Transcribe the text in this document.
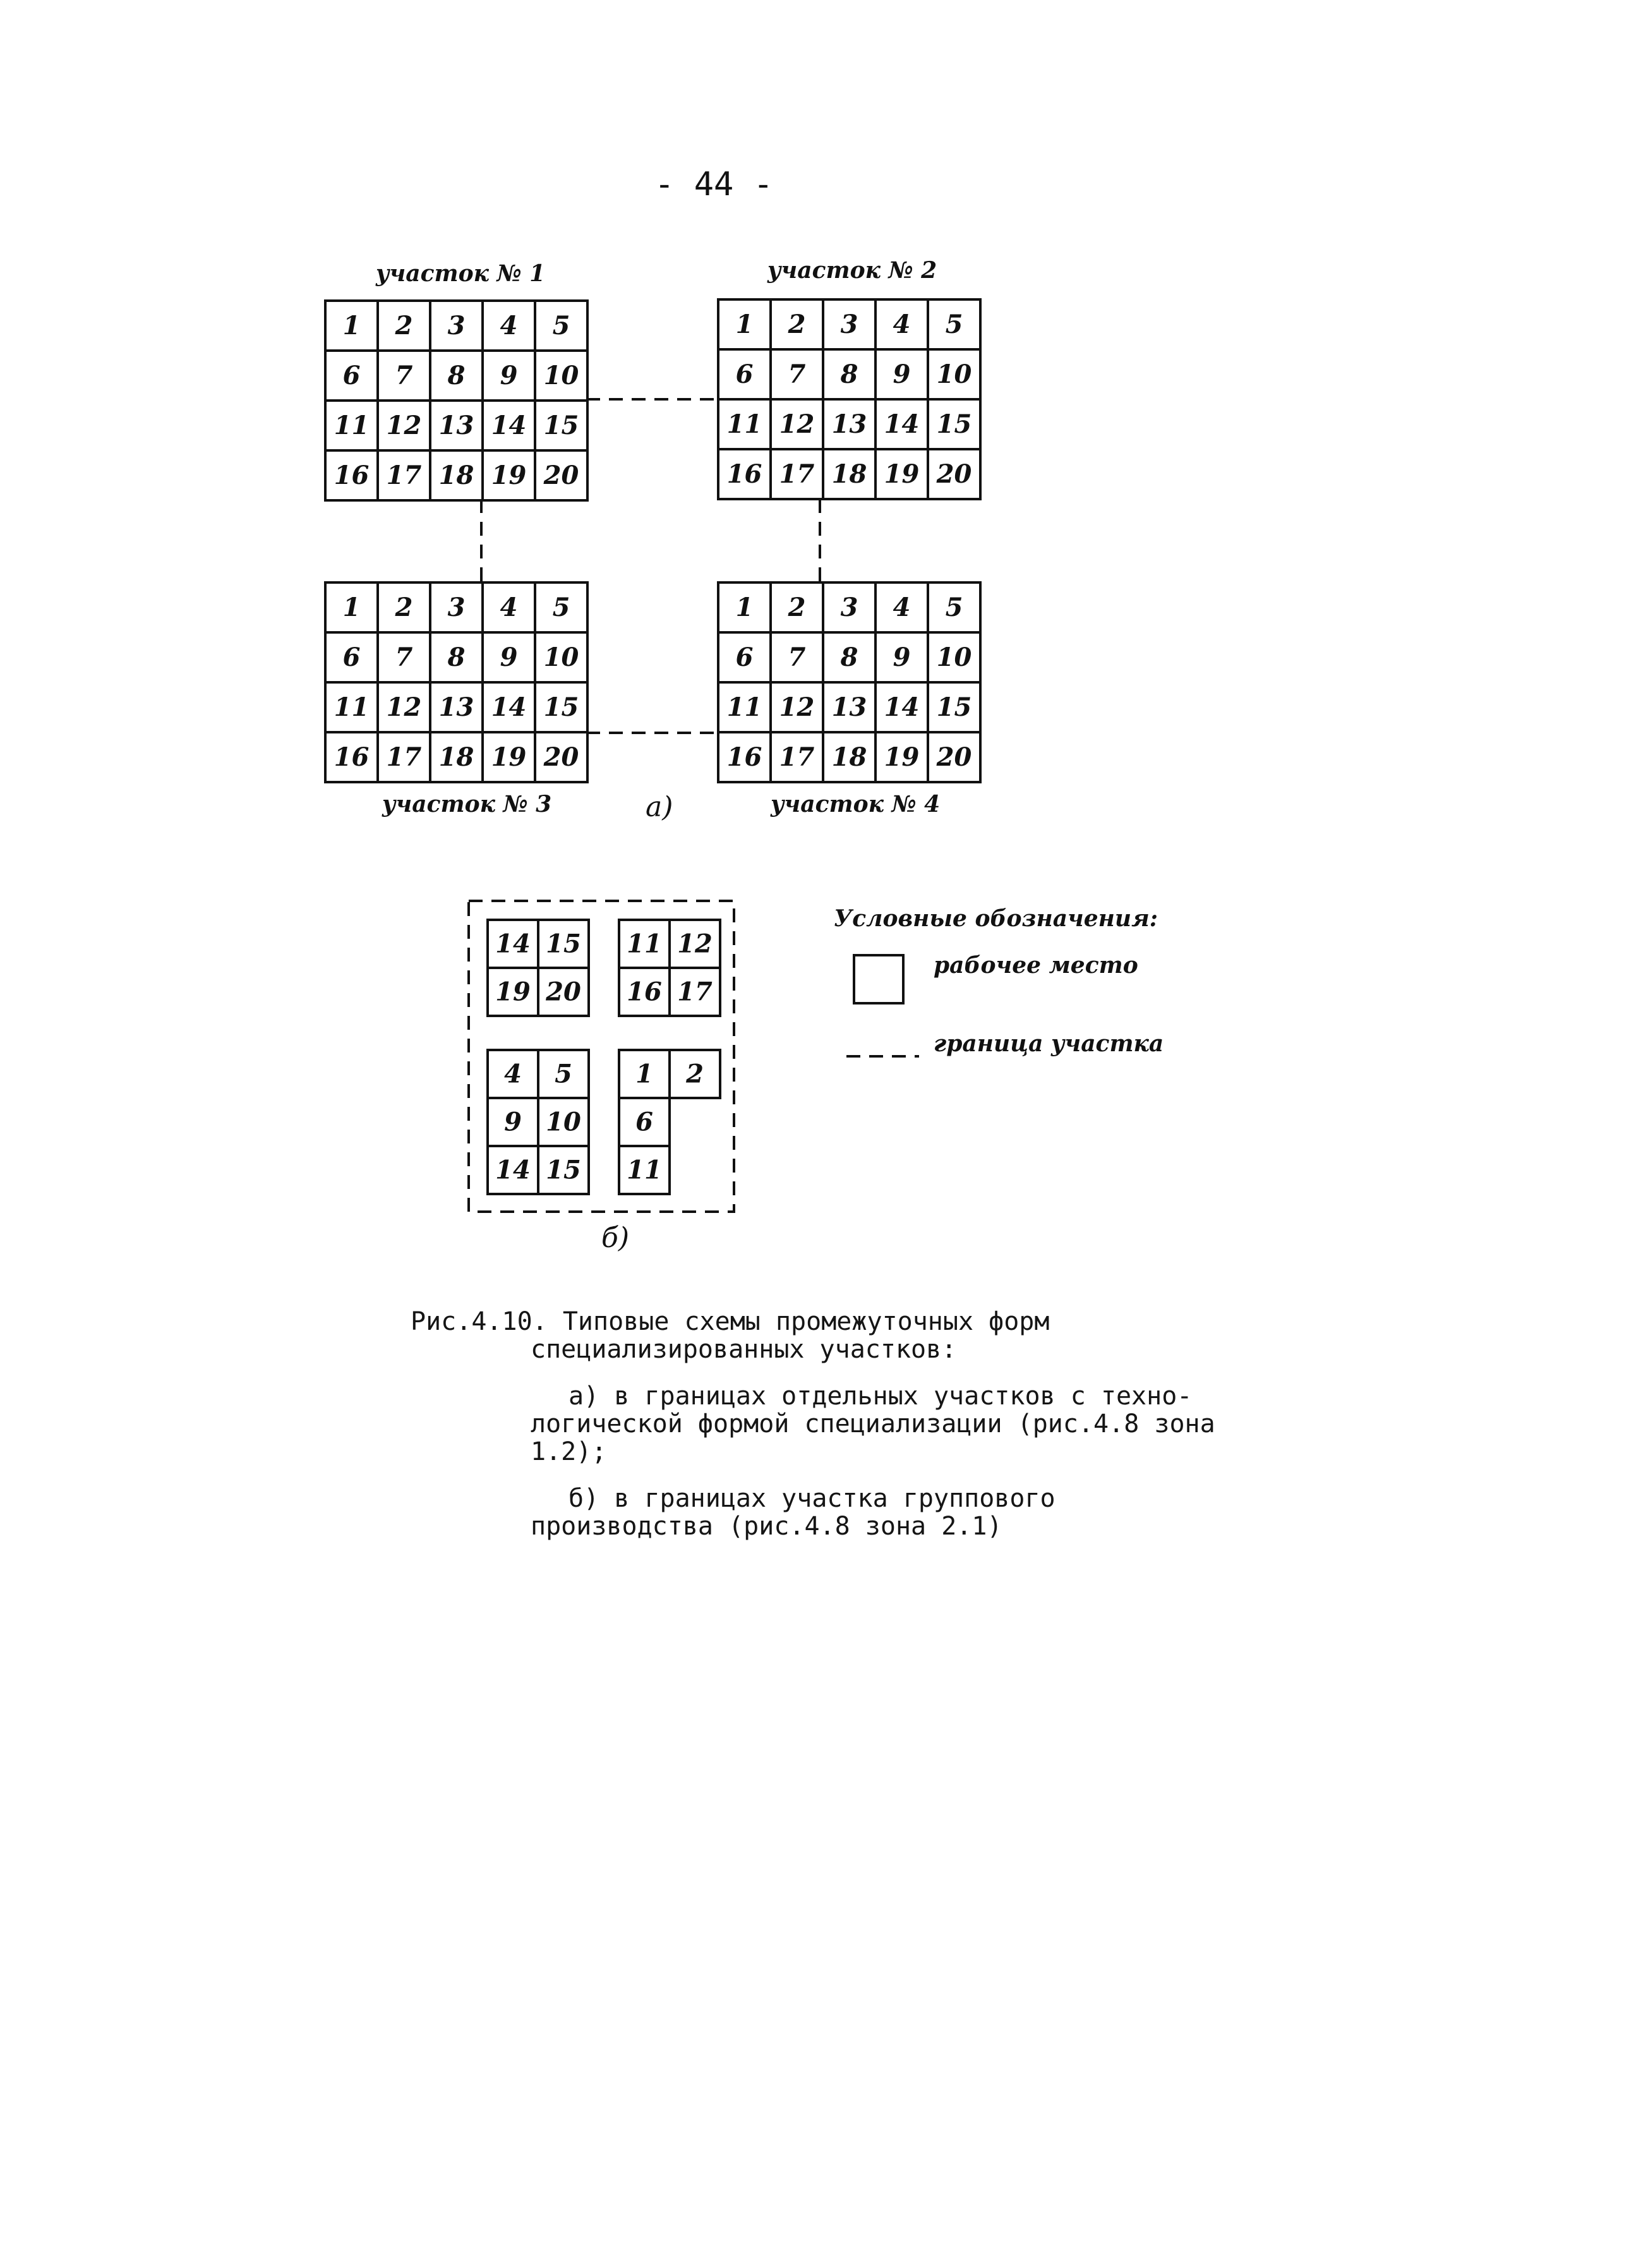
- 44 -
участок № 1	участок № 2
участок № 3	участок № 4
1 2 3 4 5
6 7 8 9 10
11 12 13 14 15
16 17 18 19 20
1 2 3 4 5
6 7 8 9 10
11 12 13 14 15
16 17 18 19 20
1 2 3 4 5
6 7 8 9 10
11 12 13 14 15
16 17 18 19 20
1 2 3 4 5
6 7 8 9 10
11 12 13 14 15
16 17 18 19 20
а)
14 15
19 20
11 12
16 17
4 5
9 10
14 15
1 2
6
11
б)
Условные обозначения:
рабочее место
граница участка

Рис.4.10. Типовые схемы промежуточных форм

специализированных участков:

а) в границах отдельных участков с техно-логической формой специализации (рис.4.8 зона 1.2);

б) в границах участка группового производства (рис.4.8 зона 2.1)
